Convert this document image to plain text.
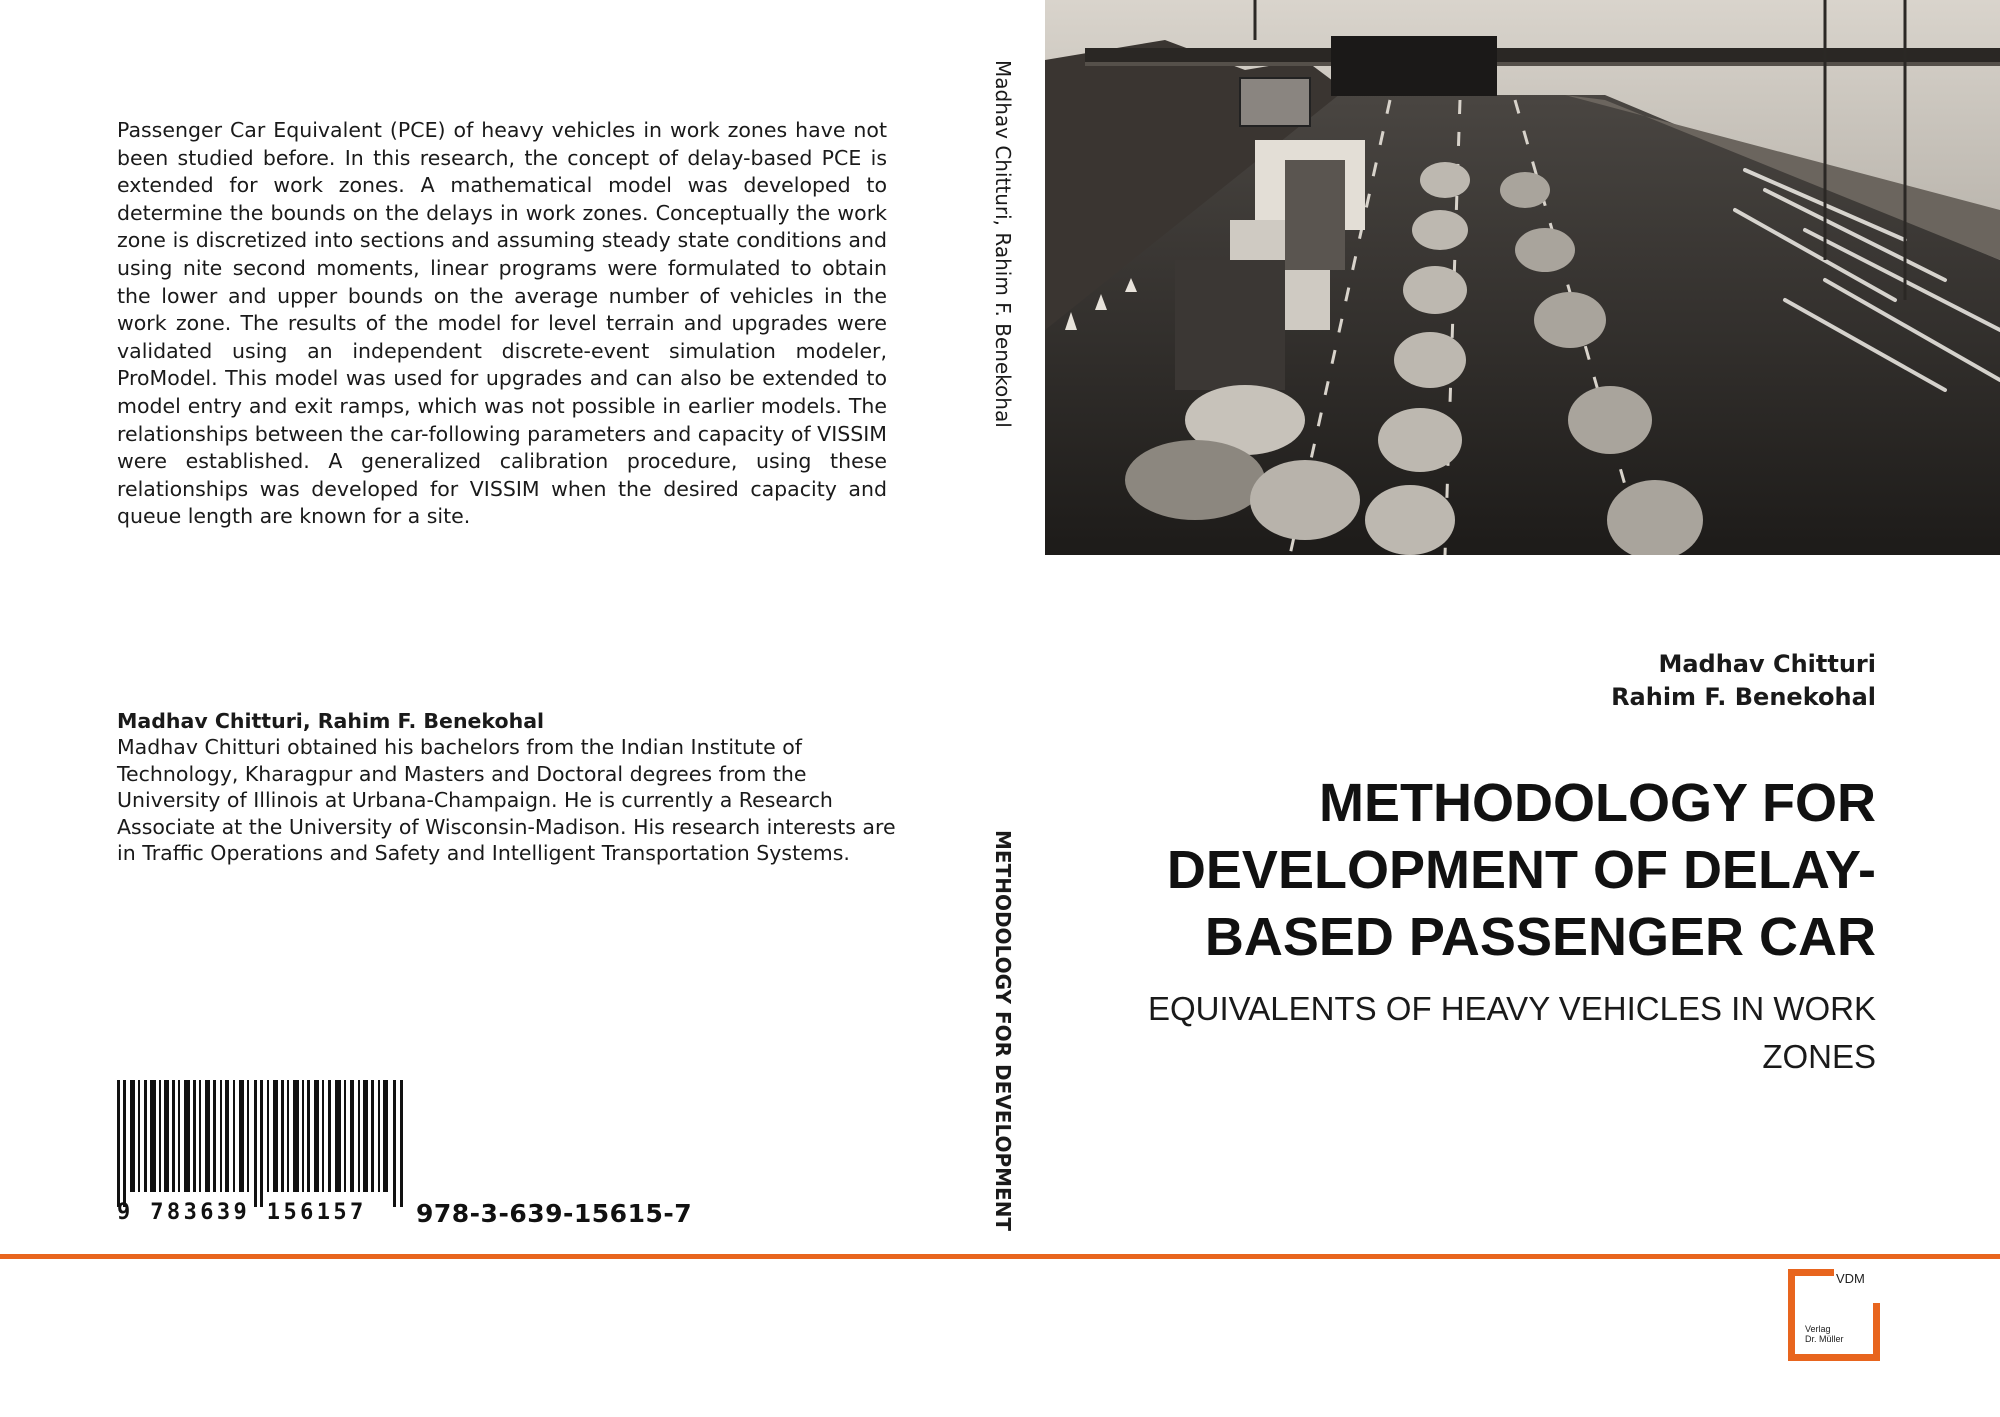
Passenger Car Equivalent (PCE) of heavy vehicles in work zones have not been studied before. In this research, the concept of delay-based PCE is extended for work zones. A mathematical model was developed to determine the bounds on the delays in work zones. Conceptually the work zone is discretized into sections and assuming steady state conditions and using nite second moments, linear programs were formulated to obtain the lower and upper bounds on the average number of vehicles in the work zone. The results of the model for level terrain and upgrades were validated using an independent discrete-event simulation modeler, ProModel. This model was used for upgrades and can also be extended to model entry and exit ramps, which was not possible in earlier models. The relationships between the car-following parameters and capacity of VISSIM were established. A generalized calibration procedure, using these relationships was developed for VISSIM when the desired capacity and queue length are known for a site.
Madhav Chitturi, Rahim F. Benekohal
Madhav Chitturi obtained his bachelors from the Indian Institute of Technology, Kharagpur and Masters and Doctoral degrees from the University of Illinois at Urbana-Champaign. He is currently a Research Associate at the University of Wisconsin-Madison. His research interests are in Traffic Operations and Safety and Intelligent Transportation Systems.
9 783639 156157	978-3-639-15615-7
Madhav Chitturi, Rahim F. Benekohal
METHODOLOGY FOR DEVELOPMENT
Madhav Chitturi
Rahim F. Benekohal
METHODOLOGY FOR DEVELOPMENT OF DELAY-BASED PASSENGER CAR
EQUIVALENTS OF HEAVY VEHICLES IN WORK ZONES
VDM
Verlag
Dr. Müller
